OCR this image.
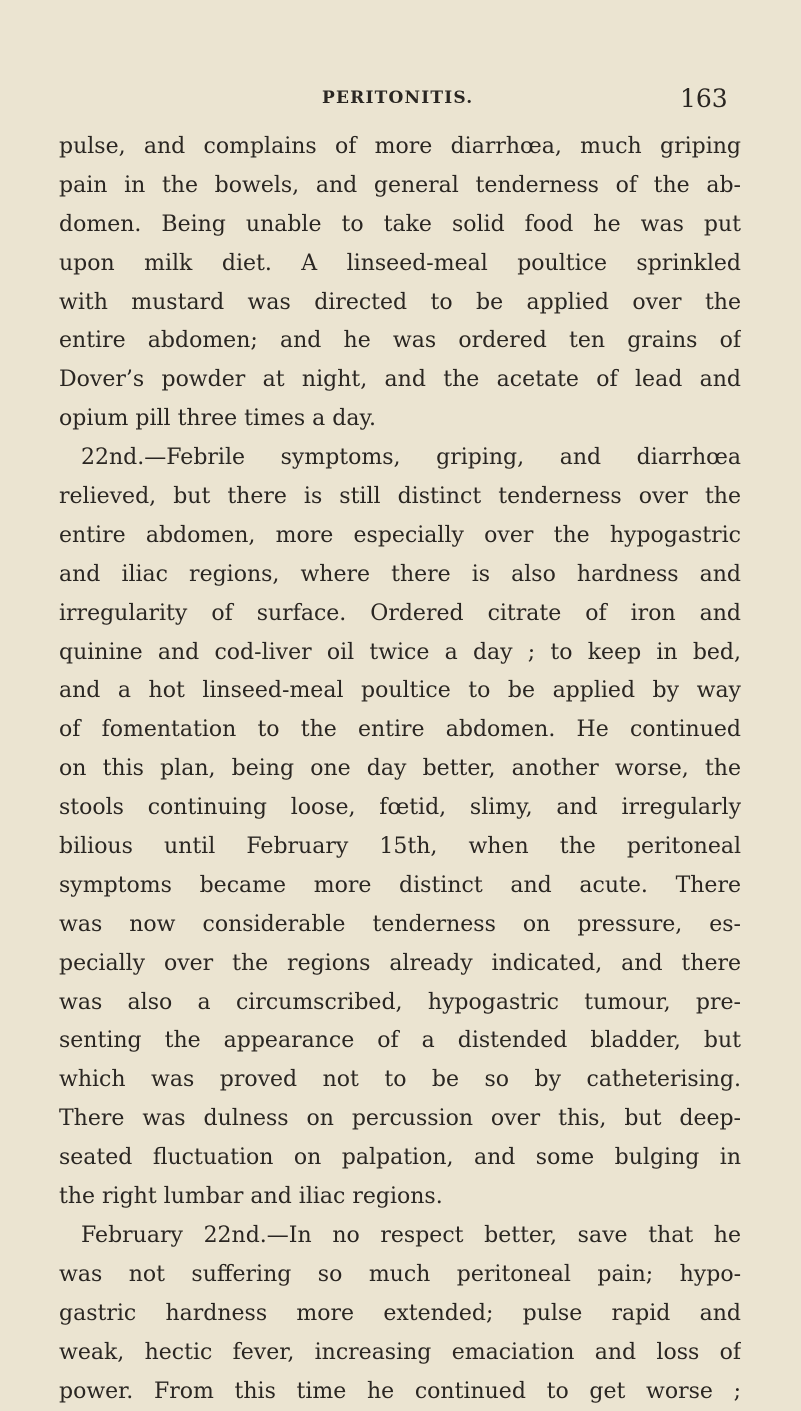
PERITONITIS.	163
pulse, and complains of more diarrhœa, much griping
pain in the bowels, and general tenderness of the ab-
domen. Being unable to take solid food he was put
upon milk diet. A linseed-meal poultice sprinkled
with mustard was directed to be applied over the
entire abdomen; and he was ordered ten grains of
Dover’s powder at night, and the acetate of lead and
opium pill three times a day.
22nd.—Febrile symptoms, griping, and diarrhœa
relieved, but there is still distinct tenderness over the
entire abdomen, more especially over the hypogastric
and iliac regions, where there is also hardness and
irregularity of surface. Ordered citrate of iron and
quinine and cod-liver oil twice a day ; to keep in bed,
and a hot linseed-meal poultice to be applied by way
of fomentation to the entire abdomen. He continued
on this plan, being one day better, another worse, the
stools continuing loose, fœtid, slimy, and irregularly
bilious until February 15th, when the peritoneal
symptoms became more distinct and acute. There
was now considerable tenderness on pressure, es-
pecially over the regions already indicated, and there
was also a circumscribed, hypogastric tumour, pre-
senting the appearance of a distended bladder, but
which was proved not to be so by catheterising.
There was dulness on percussion over this, but deep-
seated fluctuation on palpation, and some bulging in
the right lumbar and iliac regions.
February 22nd.—In no respect better, save that he
was not suffering so much peritoneal pain; hypo-
gastric hardness more extended; pulse rapid and
weak, hectic fever, increasing emaciation and loss of
power. From this time he continued to get worse ;
